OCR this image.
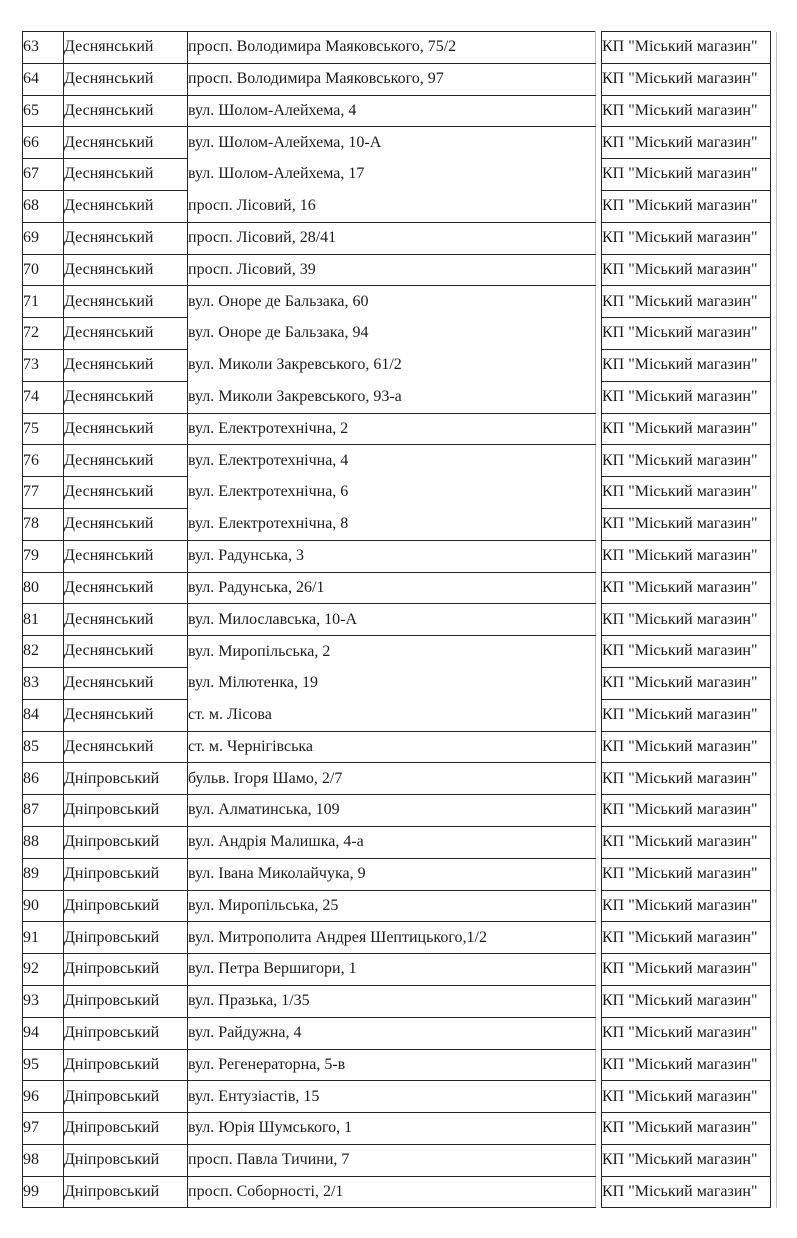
63	Деснянський	просп. Володимира Маяковського, 75/2		КП "Міський магазин"	
64	Деснянський	просп. Володимира Маяковського, 97		КП "Міський магазин"	
65	Деснянський	вул. Шолом-Алейхема, 4		КП "Міський магазин"	
66	Деснянський	вул. Шолом-Алейхема, 10-А		КП "Міський магазин"	
67	Деснянський	вул. Шолом-Алейхема, 17		КП "Міський магазин"	
68	Деснянський	просп. Лісовий, 16		КП "Міський магазин"	
69	Деснянський	просп. Лісовий, 28/41		КП "Міський магазин"	
70	Деснянський	просп. Лісовий, 39		КП "Міський магазин"	
71	Деснянський	вул. Оноре де Бальзака, 60		КП "Міський магазин"	
72	Деснянський	вул. Оноре де Бальзака, 94		КП "Міський магазин"	
73	Деснянський	вул. Миколи Закревського, 61/2		КП "Міський магазин"	
74	Деснянський	вул. Миколи Закревського, 93-а		КП "Міський магазин"	
75	Деснянський	вул. Електротехнічна, 2		КП "Міський магазин"	
76	Деснянський	вул. Електротехнічна, 4		КП "Міський магазин"	
77	Деснянський	вул. Електротехнічна, 6		КП "Міський магазин"	
78	Деснянський	вул. Електротехнічна, 8		КП "Міський магазин"	
79	Деснянський	вул. Радунська, 3		КП "Міський магазин"	
80	Деснянський	вул. Радунська, 26/1		КП "Міський магазин"	
81	Деснянський	вул. Милославська, 10-А		КП "Міський магазин"	
82	Деснянський	вул. Миропільська, 2		КП "Міський магазин"	
83	Деснянський	вул. Мілютенка, 19		КП "Міський магазин"	
84	Деснянський	ст. м. Лісова		КП "Міський магазин"	
85	Деснянський	ст. м. Чернігівська		КП "Міський магазин"	
86	Дніпровський	бульв. Ігоря Шамо, 2/7		КП "Міський магазин"	
87	Дніпровський	вул. Алматинська, 109		КП "Міський магазин"	
88	Дніпровський	вул. Андрія Малишка, 4-а		КП "Міський магазин"	
89	Дніпровський	вул. Івана Миколайчука, 9		КП "Міський магазин"	
90	Дніпровський	вул. Миропільська, 25		КП "Міський магазин"	
91	Дніпровський	вул. Митрополита Андрея Шептицького,1/2		КП "Міський магазин"	
92	Дніпровський	вул. Петра Вершигори, 1		КП "Міський магазин"	
93	Дніпровський	вул. Празька, 1/35		КП "Міський магазин"	
94	Дніпровський	вул. Райдужна, 4		КП "Міський магазин"	
95	Дніпровський	вул. Регенераторна, 5-в		КП "Міський магазин"	
96	Дніпровський	вул. Ентузіастів, 15		КП "Міський магазин"	
97	Дніпровський	вул. Юрія Шумського, 1		КП "Міський магазин"	
98	Дніпровський	просп. Павла Тичини, 7		КП "Міський магазин"	
99	Дніпровський	просп. Соборності, 2/1		КП "Міський магазин"	
